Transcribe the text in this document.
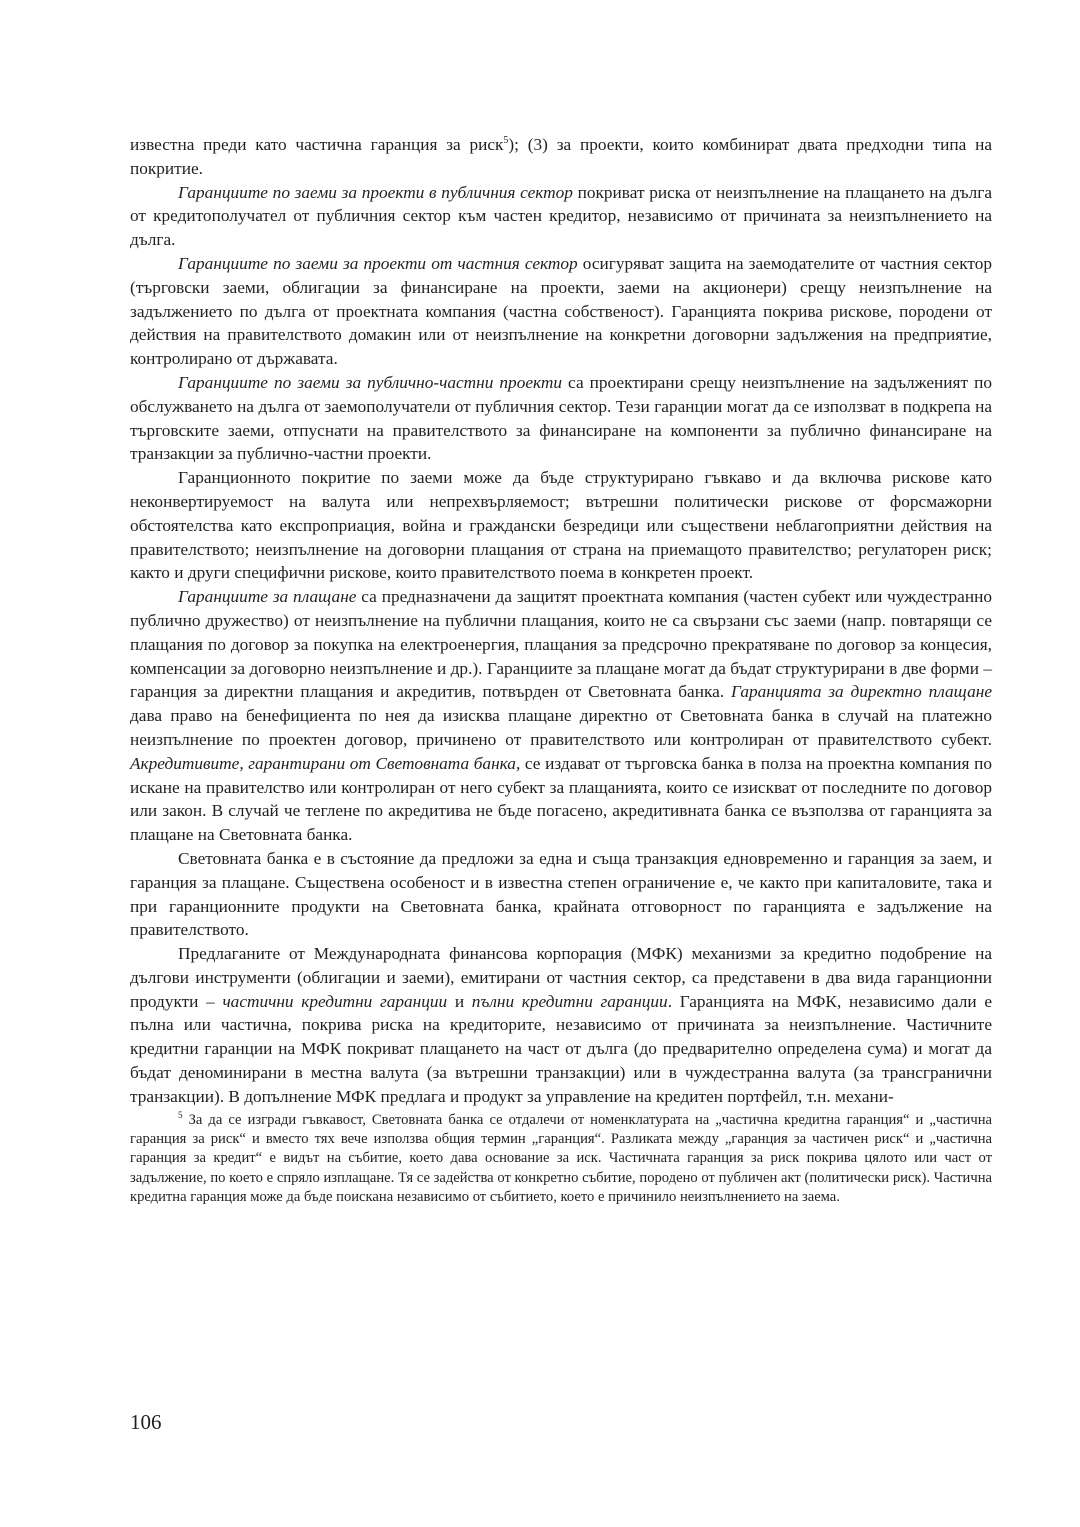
известна преди като частична гаранция за риск$^5$); (3) за проекти, които комбинират двата предходни типа на покритие.

Гаранциите по заеми за проекти в публичния сектор покриват риска от неизпълнение на плащането на дълга от кредитополучател от публичния сектор към частен кредитор, независимо от причината за неизпълнението на дълга.

Гаранциите по заеми за проекти от частния сектор осигуряват защита на заемодателите от частния сектор (търговски заеми, облигации за финансиране на проекти, заеми на акционери) срещу неизпълнение на задължението по дълга от проектната компания (частна собственост). Гаранцията покрива рискове, породени от действия на правителството домакин или от неизпълнение на конкретни договорни задължения на предприятие, контролирано от държавата.

Гаранциите по заеми за публично-частни проекти са проектирани срещу неизпълнение на задълженият по обслужването на дълга от заемополучатели от публичния сектор. Тези гаранции могат да се използват в подкрепа на търговските заеми, отпуснати на правителството за финансиране на компоненти за публично финансиране на транзакции за публично-частни проекти.

Гаранционното покритие по заеми може да бъде структурирано гъвкаво и да включва рискове като неконвертируемост на валута или непрехвърляемост; вътрешни политически рискове от форсмажорни обстоятелства като експроприация, война и граждански безредици или съществени неблагоприятни действия на правителството; неизпълнение на договорни плащания от страна на приемащото правителство; регулаторен риск; както и други специфични рискове, които правителството поема в конкретен проект.

Гаранциите за плащане са предназначени да защитят проектната компания (частен субект или чуждестранно публично дружество) от неизпълнение на публични плащания, които не са свързани със заеми (напр. повтарящи се плащания по договор за покупка на електроенергия, плащания за предсрочно прекратяване по договор за концесия, компенсации за договорно неизпълнение и др.). Гаранциите за плащане могат да бъдат структурирани в две форми – гаранция за директни плащания и акредитив, потвърден от Световната банка. Гаранцията за директно плащане дава право на бенефициента по нея да изисква плащане директно от Световната банка в случай на платежно неизпълнение по проектен договор, причинено от правителството или контролиран от правителството субект. Акредитивите, гарантирани от Световната банка, се издават от търговска банка в полза на проектна компания по искане на правителство или контролиран от него субект за плащанията, които се изискват от последните по договор или закон. В случай че теглене по акредитива не бъде погасено, акредитивната банка се възползва от гаранцията за плащане на Световната банка.

Световната банка е в състояние да предложи за една и съща транзакция едновременно и гаранция за заем, и гаранция за плащане. Съществена особеност и в известна степен ограничение е, че както при капиталовите, така и при гаранционните продукти на Световната банка, крайната отговорност по гаранцията е задължение на правителството.

Предлаганите от Международната финансова корпорация (МФК) механизми за кредитно подобрение на дългови инструменти (облигации и заеми), емитирани от частния сектор, са представени в два вида гаранционни продукти – частични кредитни гаранции и пълни кредитни гаранции. Гаранцията на МФК, независимо дали е пълна или частична, покрива риска на кредиторите, независимо от причината за неизпълнение. Частичните кредитни гаранции на МФК покриват плащането на част от дълга (до предварително определена сума) и могат да бъдат деноминирани в местна валута (за вътрешни транзакции) или в чуждестранна валута (за трансгранични транзакции). В допълнение МФК предлага и продукт за управление на кредитен портфейл, т.н. механи-

$^5$ За да се изгради гъвкавост, Световната банка се отдалечи от номенклатурата на „частична кредитна гаранция“ и „частична гаранция за риск“ и вместо тях вече използва общия термин „гаранция“. Разликата между „гаранция за частичен риск“ и „частична гаранция за кредит“ е видът на събитие, което дава основание за иск. Частичната гаранция за риск покрива цялото или част от задължение, по което е спряло изплащане. Тя се задейства от конкретно събитие, породено от публичен акт (политически риск). Частична кредитна гаранция може да бъде поискана независимо от събитието, което е причинило неизпълнението на заема.

106
